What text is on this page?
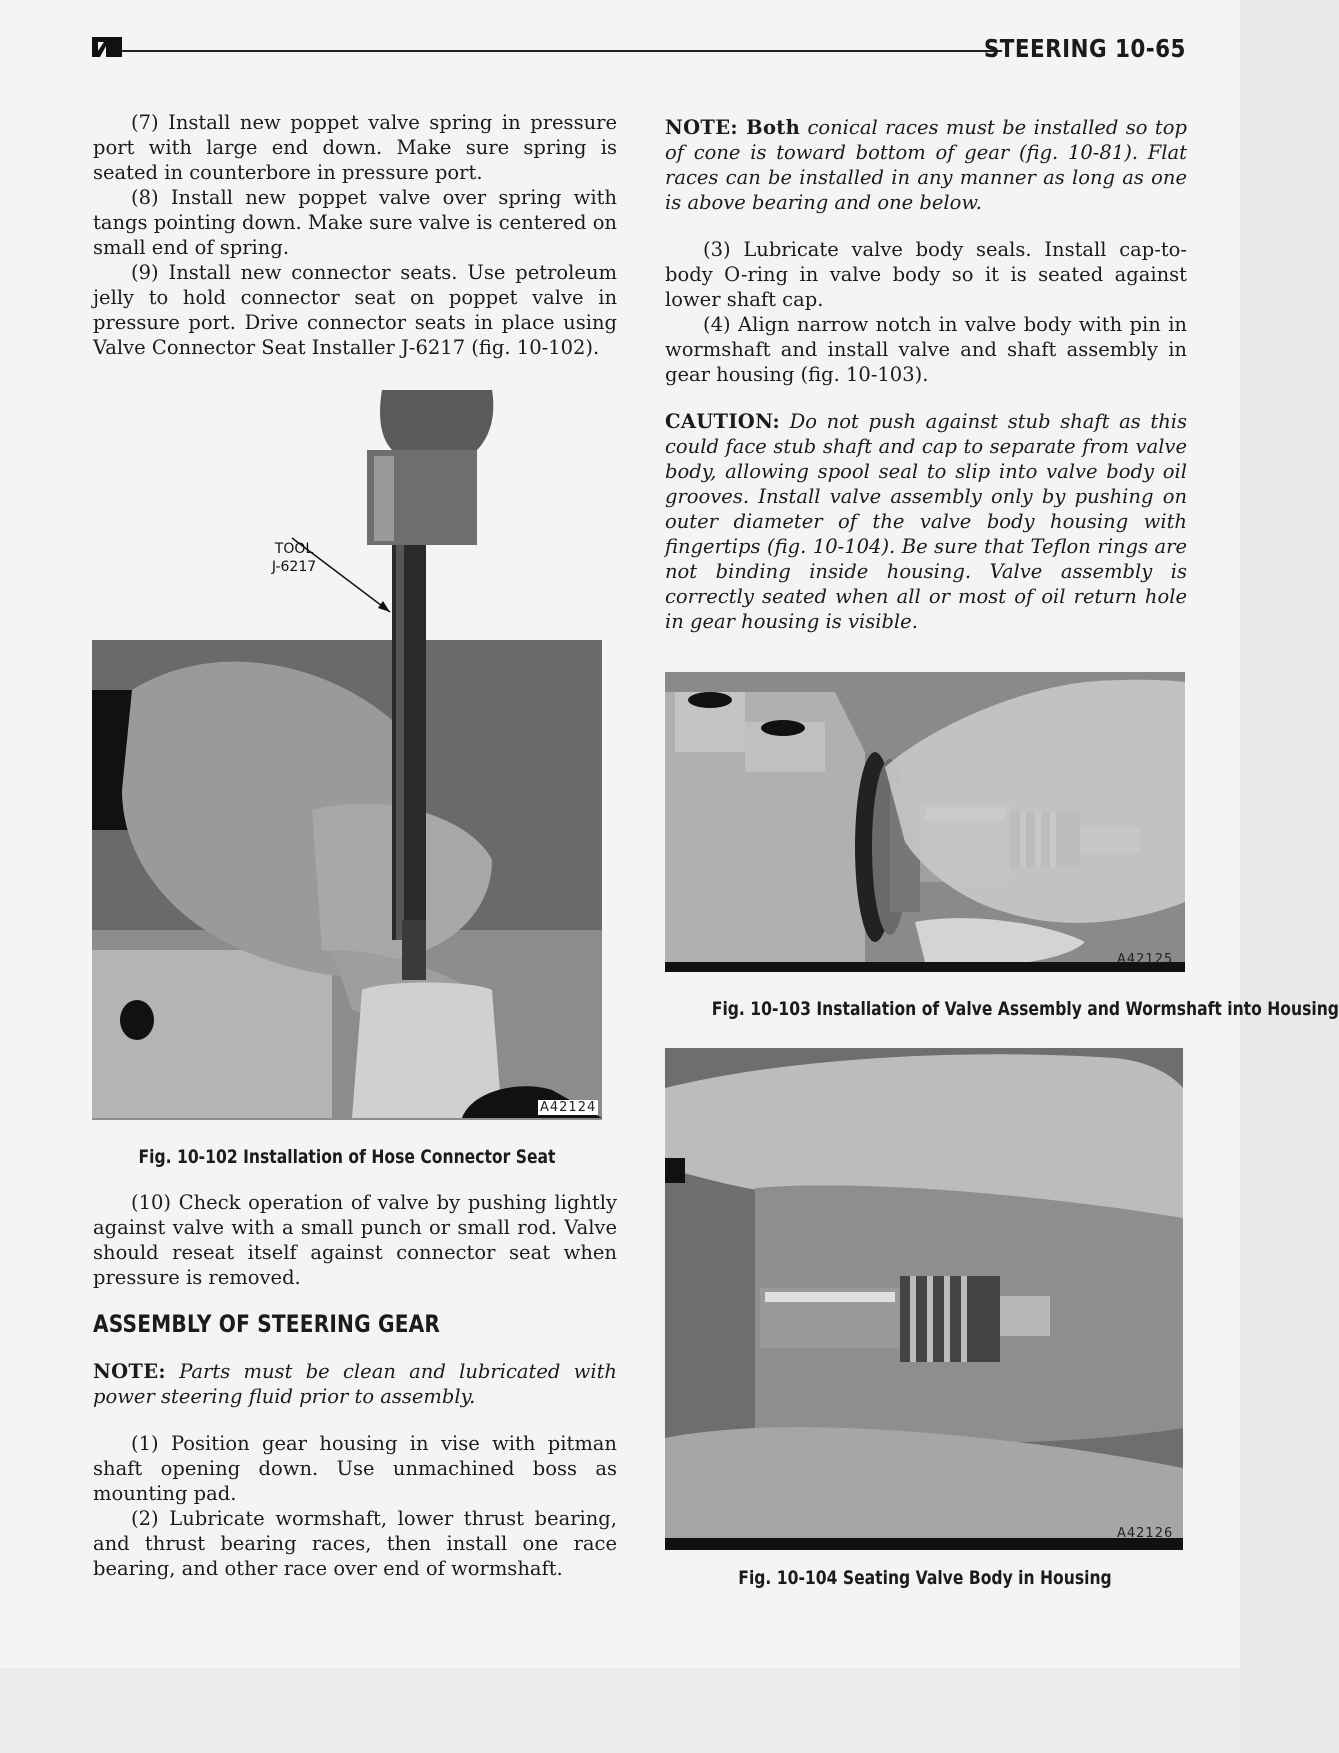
STEERING 10-65

(7) Install new poppet valve spring in pressure port with large end down. Make sure spring is seated in counterbore in pressure port.

(8) Install new poppet valve over spring with tangs pointing down. Make sure valve is centered on small end of spring.

(9) Install new connector seats. Use petroleum jelly to hold connector seat on poppet valve in pressure port. Drive connector seats in place using Valve Connector Seat Installer J-6217 (fig. 10-102).

TOOL
J-6217
A42124
Fig. 10-102 Installation of Hose Connector Seat

(10) Check operation of valve by pushing lightly against valve with a small punch or small rod. Valve should reseat itself against connector seat when pressure is removed.

ASSEMBLY OF STEERING GEAR

NOTE: Parts must be clean and lubricated with power steering fluid prior to assembly.

(1) Position gear housing in vise with pitman shaft opening down. Use unmachined boss as mounting pad.

(2) Lubricate wormshaft, lower thrust bearing, and thrust bearing races, then install one race bearing, and other race over end of wormshaft.

NOTE: Both conical races must be installed so top of cone is toward bottom of gear (fig. 10-81). Flat races can be installed in any manner as long as one is above bearing and one below.

(3) Lubricate valve body seals. Install cap-to-body O-ring in valve body so it is seated against lower shaft cap.

(4) Align narrow notch in valve body with pin in wormshaft and install valve and shaft assembly in gear housing (fig. 10-103).

CAUTION: Do not push against stub shaft as this could face stub shaft and cap to separate from valve body, allowing spool seal to slip into valve body oil grooves. Install valve assembly only by pushing on outer diameter of the valve body housing with fingertips (fig. 10-104). Be sure that Teflon rings are not binding inside housing. Valve assembly is correctly seated when all or most of oil return hole in gear housing is visible.

A42125
Fig. 10-103 Installation of Valve Assembly and Wormshaft into Housing
A42126
Fig. 10-104 Seating Valve Body in Housing
